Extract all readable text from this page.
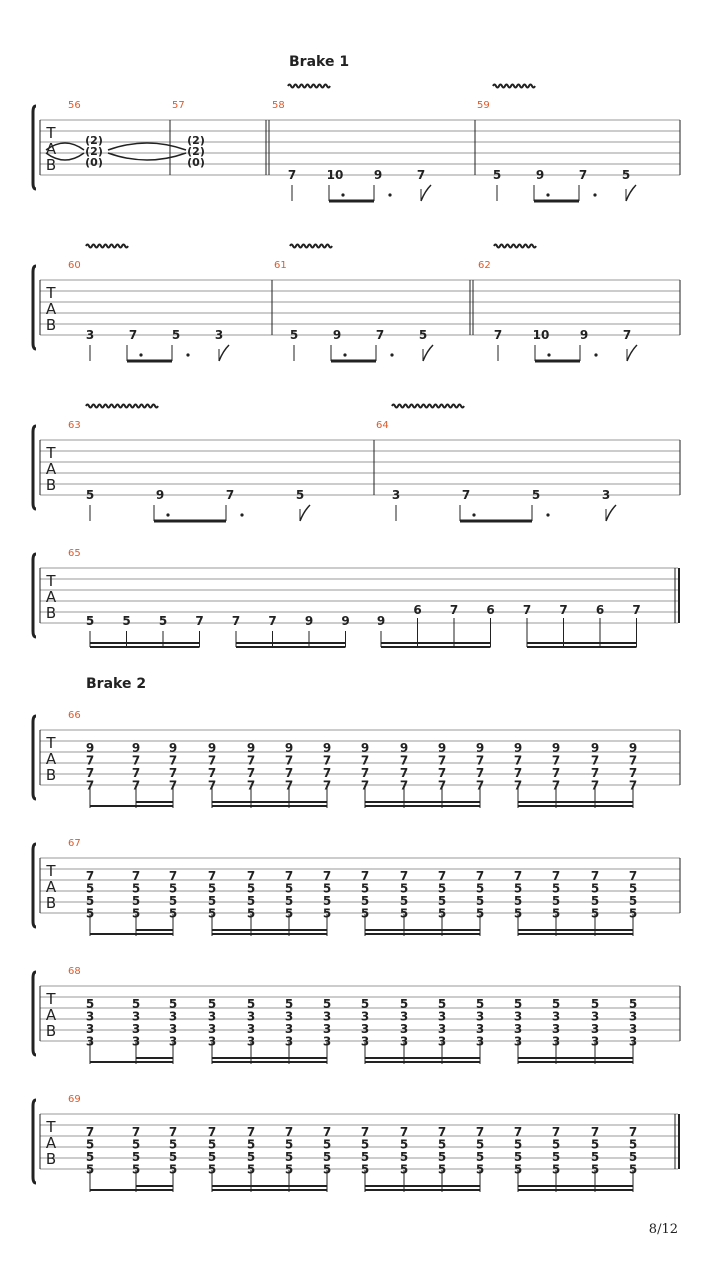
T
A
B
56
(2)
(2)
(0)
57
(2)
(2)
(0)
58
7	10	9	7
59
5	9	7	5
T
A
B
60
3	7	5	3
61
5	9	7	5
62
7	10	9	7
T
A
B
63
5	9	7	5
64
3	7	5	3
T
A
B
65
5 5 5 7 7 7 9 9 9
6 7 6 7 7 6 7
T
A
B
66
9
7
7
7
9
7
7
7
9
7
7
7
9
7
7
7
9
7
7
7
9
7
7
7
9
7
7
7
9
7
7
7
9
7
7
7
9
7
7
7
9
7
7
7
9
7
7
7
9
7
7
7
9
7
7
7
9
7
7
7
T
A
B
67
7
5
5
5
7
5
5
5
7
5
5
5
7
5
5
5
7
5
5
5
7
5
5
5
7
5
5
5
7
5
5
5
7
5
5
5
7
5
5
5
7
5
5
5
7
5
5
5
7
5
5
5
7
5
5
5
7
5
5
5
T
A
B
68
5
3
3
3
5
3
3
3
5
3
3
3
5
3
3
3
5
3
3
3
5
3
3
3
5
3
3
3
5
3
3
3
5
3
3
3
5
3
3
3
5
3
3
3
5
3
3
3
5
3
3
3
5
3
3
3
5
3
3
3
T
A
B
69
7
5
5
5
7
5
5
5
7
5
5
5
7
5
5
5
7
5
5
5
7
5
5
5
7
5
5
5
7
5
5
5
7
5
5
5
7
5
5
5
7
5
5
5
7
5
5
5
7
5
5
5
7
5
5
5
7
5
5
5
Brake 1
Brake 2
8/12
